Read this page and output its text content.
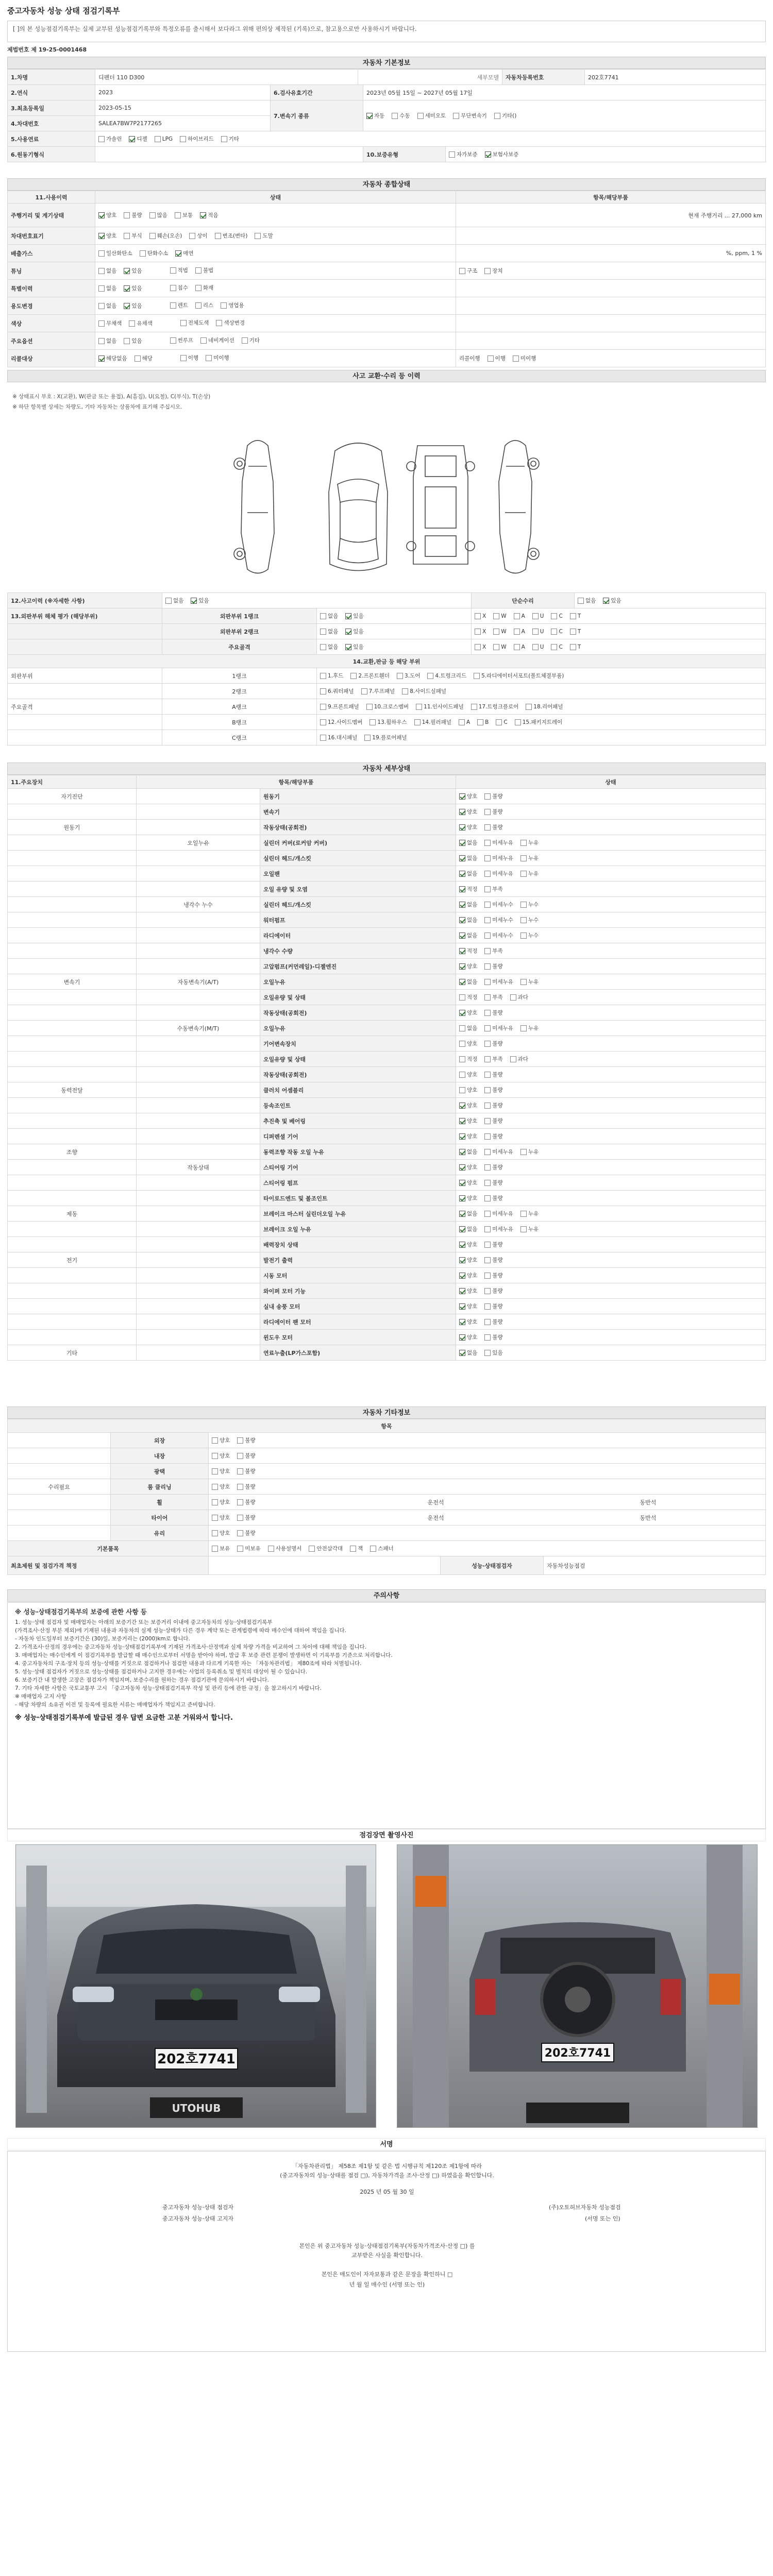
중고자동차 성능 상태 점검기록부
[ ]의 본 성능점검기록부는 실제 교부된 성능점검기록부와 특정오류를 출시해서 보다라그 위해 편의상 제작된 (기록)으로, 참고용으로만 사용하시기 바랍니다.
제법번호 제 19-25-0001468
자동차 기본정보
1.차명	디펜더 110 D300	세부모델	자동차등록번호	202호7741
2.연식	2023	6.검사유효기간	2023년 05월 15일 ~ 2027년 05월 17일
3.최초등록일	2023-05-15
4.차대번호	SALEA7BW7P2177265
7.변속기 종류	자동	수동	세미오토	무단변속기	기타()
5.사용연료	가솔린	디젤	LPG	하이브리드	기타
6.원동기형식	10.보증유형	자가보증	보험사보증
자동차 종합상태
11.사용이력	상태	항목/해당부품
주행거리 및 계기상태	양호	불량	많음	보통	적음	현재 주행거리 ... 27,000 km
차대번호표기	양호	부식	훼손(오손)	상이	변조(변타)	도말
배출가스	일산화탄소	탄화수소	매연	%, ppm, 1 %
튜닝	없음	있음	적법	불법	구조	장치
특별이력	없음	있음	침수	화재
용도변경	없음	있음	렌트	리스	영업용
색상	무채색	유채색	전체도색	색상변경
주요옵션	없음	있음	썬루프	네비게이션	기타
리콜대상	해당없음	해당	이행	미이행	리콜이행	이행	미이행
사고 교환·수리 등 이력
※ 상태표시 부호 : X(교환), W(판금 또는 용접), A(흠집), U(요철), C(부식), T(손상)
※ 하단 항목별 상세는 차량도, 기타 자동차는 상품차에 표기해 주십시오.
12.사고이력 (※자세한 사항)	없음	있음	단순수리	없음	있음
13.외판부위 해체 평가 (해당부위)	외판부위 1랭크	없음	있음	X	W	A	U	C	T
외판부위 2랭크	없음	있음	X	W	A	U	C	T
주요골격	없음	있음	X	W	A	U	C	T
14.교환,판금 등 해당 부위
외판부위	1랭크	1.후드	2.프론트휀더	3.도어	4.트렁크리드	5.라디에이터서포트(볼트체결부품)
2랭크	6.쿼터패널	7.루프패널	8.사이드실패널
주요골격	A랭크	9.프론트패널	10.크로스멤버	11.인사이드패널	17.트렁크플로어	18.리어패널
B랭크	12.사이드멤버	13.휠하우스	14.필러패널	A	B	C	15.패키지트레이
C랭크	16.대시패널	19.플로어패널
자동차 세부상태
11.주요장치	항목/해당부품	상태
자기진단	원동기	양호	불량
변속기	양호	불량
원동기	작동상태(공회전)	양호	불량
오일누유	실린더 커버(로커암 커버)	없음	미세누유	누유
실린더 헤드/개스킷	없음	미세누유	누유
오일팬	없음	미세누유	누유
오일 유량 및 오염	적정	부족
냉각수 누수	실린더 헤드/개스킷	없음	미세누수	누수
워터펌프	없음	미세누수	누수
라디에이터	없음	미세누수	누수
냉각수 수량	적정	부족
고압펌프(커먼레일)-디젤엔진	양호	불량
변속기	자동변속기(A/T)	오일누유	없음	미세누유	누유
오일유량 및 상태	적정	부족	과다
작동상태(공회전)	양호	불량
수동변속기(M/T)	오일누유	없음	미세누유	누유
기어변속장치	양호	불량
오일유량 및 상태	적정	부족	과다
작동상태(공회전)	양호	불량
동력전달	클러치 어셈블리	양호	불량
등속조인트	양호	불량
추진축 및 베어링	양호	불량
디퍼렌셜 기어	양호	불량
조향	동력조향 작동 오일 누유	없음	미세누유	누유
작동상태	스티어링 기어	양호	불량
스티어링 펌프	양호	불량
타이로드엔드 및 볼조인트	양호	불량
제동	브레이크 마스터 실린더오일 누유	없음	미세누유	누유
브레이크 오일 누유	없음	미세누유	누유
배력장치 상태	양호	불량
전기	발전기 출력	양호	불량
시동 모터	양호	불량
와이퍼 모터 기능	양호	불량
실내 송풍 모터	양호	불량
라디에이터 팬 모터	양호	불량
윈도우 모터	양호	불량
기타	연료누출(LP가스포함)	없음	있음
자동차 기타정보
항목
외장	양호	불량
내장	양호	불량
광택	양호	불량
수리필요	룸 클리닝	양호	불량
휠	양호	불량	운전석	동반석
타이어	양호	불량	운전석	동반석
유리	양호	불량
기본품목	보유	미보유	사용설명서	안전삼각대	잭	스패너
최초제원 및 점검가격 책정	성능·상태점검자	자동차성능점검
주의사항
※ 성능·상태점검기록부의 보증에 관한 사항 등
1. 성능·상태 점검자 및 매매업자는 아래의 보증기간 또는 보증거리 이내에 중고자동차의 성능·상태점검기록부
(가격조사·산정 부분 제외)에 기재된 내용과 자동차의 실제 성능·상태가 다른 경우 계약 또는 관계법령에 따라 매수인에 대하여 책임을 집니다.
- 자동차 인도일부터 보증기간은 (30)일, 보증거리는 (2000)km로 합니다.
2. 가격조사·산정의 경우에는 중고자동차 성능·상태점검기록부에 기재된 가격조사·산정액과 실제 차량 가격을 비교하여 그 차이에 대해 책임을 집니다.
3. 매매업자는 매수인에게 이 점검기록부를 발급할 때 매수인으로부터 서명을 받아야 하며, 발급 후 보증 관련 분쟁이 발생하면 이 기록부를 기준으로 처리합니다.
4. 중고자동차의 구조·장치 등의 성능·상태를 거짓으로 점검하거나 점검한 내용과 다르게 기록한 자는 「자동차관리법」 제80조에 따라 처벌됩니다.
5. 성능·상태 점검자가 거짓으로 성능·상태를 점검하거나 고지한 경우에는 사업의 등록취소 및 벌칙의 대상이 될 수 있습니다.
6. 보증기간 내 발생한 고장은 점검자가 책임지며, 보증수리를 원하는 경우 점검기관에 문의하시기 바랍니다.
7. 기타 자세한 사항은 국토교통부 고시 「중고자동차 성능·상태점검기록부 작성 및 관리 등에 관한 규정」을 참고하시기 바랍니다.
※ 매매업자 고지 사항
- 해당 차량의 소유권 이전 및 등록에 필요한 서류는 매매업자가 책임지고 준비합니다.
※ 성능·상태점검기록부에 발급된 경우 답변 요금한 고분 거워와서 합니다.
점검장면 촬영사진
202호7741
UTOHUB
202호7741
서명
「자동차관리법」 제58조 제1항 및 같은 법 시행규칙 제120조 제1항에 따라
(중고자동차의 성능·상태를 점검 □), 자동차가격을 조사·산정 □) 하였음을 확인합니다.
2025 년 05 월 30 일
중고자동차 성능·상태 점검자	(주)오토허브자동차 성능점검
중고자동차 성능·상태 고지자	(서명 또는 인)
본인은 위 중고자동차 성능·상태점검기록부(자동차가격조사·산정 □) 를
교부받은 사실을 확인합니다.
본인은 매도인이 자자보통과 같은 문장을 확인하니 □
년 월 일 매수인 (서명 또는 인)
